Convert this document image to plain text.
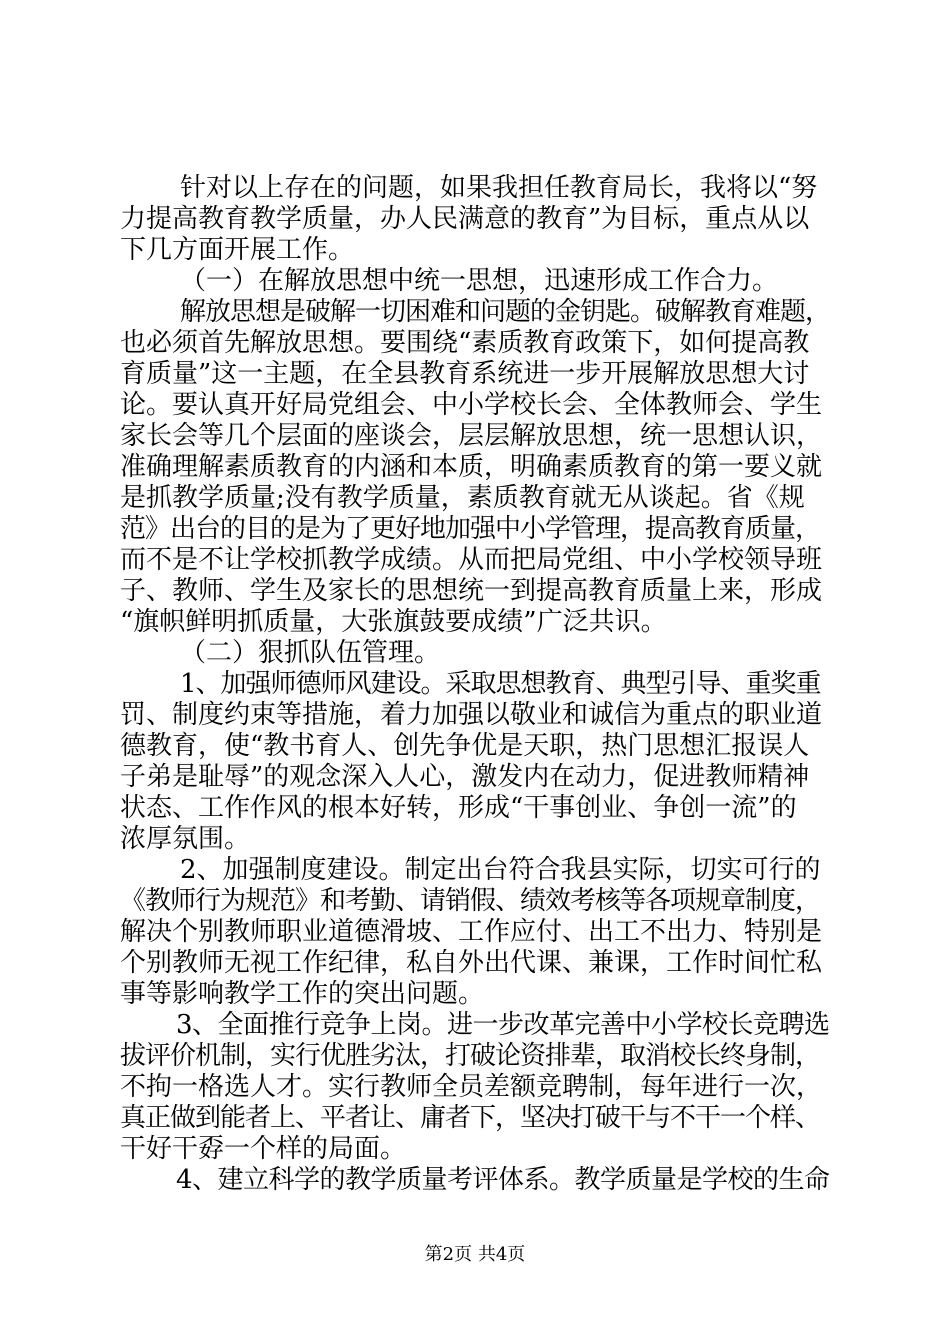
针对以上存在的问题，如果我担任教育局长，我将以“努
力提高教育教学质量，办人民满意的教育”为目标，重点从以
下几方面开展工作。
（一）在解放思想中统一思想，迅速形成工作合力。
解放思想是破解一切困难和问题的金钥匙。破解教育难题，
也必须首先解放思想。要围绕“素质教育政策下，如何提高教
育质量”这一主题，在全县教育系统进一步开展解放思想大讨
论。要认真开好局党组会、中小学校长会、全体教师会、学生
家长会等几个层面的座谈会，层层解放思想，统一思想认识，
准确理解素质教育的内涵和本质，明确素质教育的第一要义就
是抓教学质量;没有教学质量，素质教育就无从谈起。省《规
范》出台的目的是为了更好地加强中小学管理，提高教育质量，
而不是不让学校抓教学成绩。从而把局党组、中小学校领导班
子、教师、学生及家长的思想统一到提高教育质量上来，形成
“旗帜鲜明抓质量，大张旗鼓要成绩”广泛共识。
（二）狠抓队伍管理。
1、加强师德师风建设。采取思想教育、典型引导、重奖重
罚、制度约束等措施，着力加强以敬业和诚信为重点的职业道
德教育，使“教书育人、创先争优是天职，热门思想汇报误人
子弟是耻辱”的观念深入人心，激发内在动力，促进教师精神
状态、工作作风的根本好转，形成“干事创业、争创一流”的
浓厚氛围。
2、加强制度建设。制定出台符合我县实际，切实可行的
《教师行为规范》和考勤、请销假、绩效考核等各项规章制度，
解决个别教师职业道德滑坡、工作应付、出工不出力、特别是
个别教师无视工作纪律，私自外出代课、兼课，工作时间忙私
事等影响教学工作的突出问题。
3、全面推行竞争上岗。进一步改革完善中小学校长竞聘选
拔评价机制，实行优胜劣汰，打破论资排辈，取消校长终身制，
不拘一格选人才。实行教师全员差额竞聘制，每年进行一次，
真正做到能者上、平者让、庸者下，坚决打破干与不干一个样、
干好干孬一个样的局面。
4、建立科学的教学质量考评体系。教学质量是学校的生命
第2页 共4页
